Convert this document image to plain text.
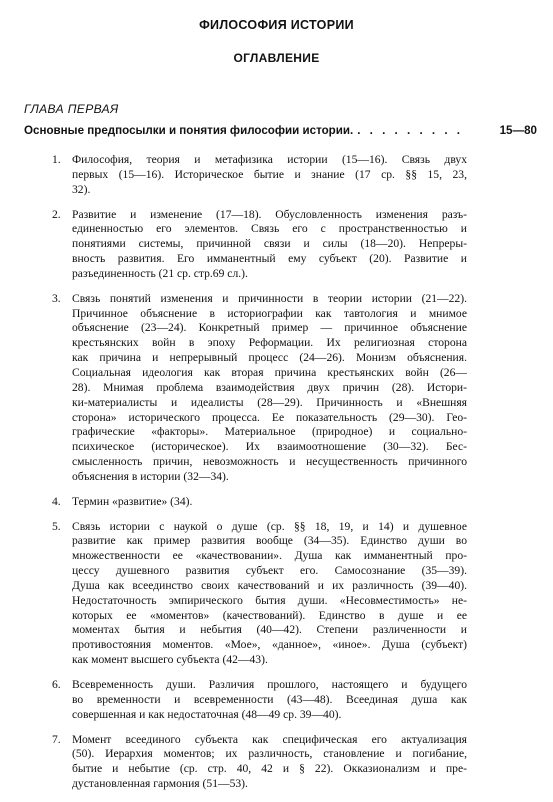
ФИЛОСОФИЯ ИСТОРИИ
ОГЛАВЛЕНИЕ
ГЛАВА ПЕРВАЯ
Основные предпосылки и понятия философии истории. . . . . . . . . .	15—80
1. Философия, теория и метафизика истории (15—16). Связь двух
первых (15—16). Историческое бытие и знание (17 ср. §§ 15, 23,
32).
2. Развитие и изменение (17—18). Обусловленность изменения разъ-
единенностью его элементов. Связь его с пространственностью и
понятиями системы, причинной связи и силы (18—20). Непреры-
вность развития. Его имманентный ему субъект (20). Развитие и
разъединенность (21 ср. стр.69 сл.).
3. Связь понятий изменения и причинности в теории истории (21—22).
Причинное объяснение в историографии как тавтология и мнимое
объяснение (23—24). Конкретный пример — причинное объяснение
крестьянских войн в эпоху Реформации. Их религиозная сторона
как причина и непрерывный процесс (24—26). Монизм объяснения.
Социальная идеология как вторая причина крестьянских войн (26—
28). Мнимая проблема взаимодействия двух причин (28). Истори-
ки-материалисты и идеалисты (28—29). Причинность и «Внешняя
сторона» исторического процесса. Ее показательность (29—30). Гео-
графические «факторы». Материальное (природное) и социально-
психическое (историческое). Их взаимоотношение (30—32). Бес-
смысленность причин, невозможность и несущественность причинного
объяснения в истории (32—34).
4. Термин «развитие» (34).
5. Связь истории с наукой о душе (ср. §§ 18, 19, и 14) и душевное
развитие как пример развития вообще (34—35). Единство души во
множественности ее «качествовании». Душа как имманентный про-
цессу душевного развития субъект его. Самосознание (35—39).
Душа как всеединство своих качествований и их различность (39—40).
Недостаточность эмпирического бытия души. «Несовместимость» не-
которых ее «моментов» (качествований). Единство в душе и ее
моментах бытия и небытия (40—42). Степени различенности и
противостояния моментов. «Мое», «данное», «иное». Душа (субъект)
как момент высшего субъекта (42—43).
6. Всевременность души. Различия прошлого, настоящего и будущего
во временности и всевременности (43—48). Всеединая душа как
совершенная и как недостаточная (48—49 ср. 39—40).
7. Момент всеединого субъекта как специфическая его актуализация
(50). Иерархия моментов; их различность, становление и погибание,
бытие и небытие (ср. стр. 40, 42 и § 22). Окказионализм и пре-
дустановленная гармония (51—53).
